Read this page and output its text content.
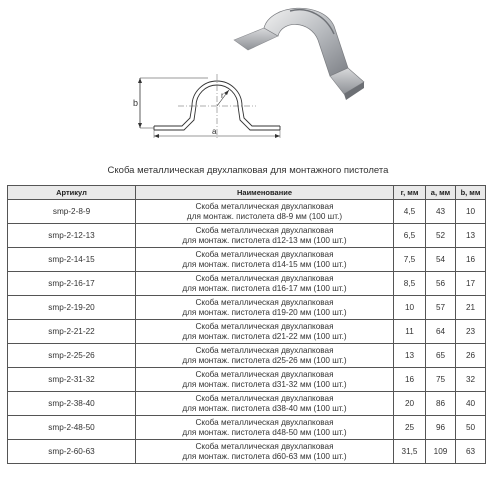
b
r
a
Скоба металлическая двухлапковая для монтажного пистолета
Артикул	Наименование	r, мм	a, мм	b, мм
smp-2-8-9	Скоба металлическая двухлапковая
для монтаж. пистолета d8-9 мм (100 шт.)	4,5	43	10
smp-2-12-13	Скоба металлическая двухлапковая
для монтаж. пистолета d12-13 мм (100 шт.)	6,5	52	13
smp-2-14-15	Скоба металлическая двухлапковая
для монтаж. пистолета d14-15 мм (100 шт.)	7,5	54	16
smp-2-16-17	Скоба металлическая двухлапковая
для монтаж. пистолета d16-17 мм (100 шт.)	8,5	56	17
smp-2-19-20	Скоба металлическая двухлапковая
для монтаж. пистолета d19-20 мм (100 шт.)	10	57	21
smp-2-21-22	Скоба металлическая двухлапковая
для монтаж. пистолета d21-22 мм (100 шт.)	11	64	23
smp-2-25-26	Скоба металлическая двухлапковая
для монтаж. пистолета d25-26 мм (100 шт.)	13	65	26
smp-2-31-32	Скоба металлическая двухлапковая
для монтаж. пистолета d31-32 мм (100 шт.)	16	75	32
smp-2-38-40	Скоба металлическая двухлапковая
для монтаж. пистолета d38-40 мм (100 шт.)	20	86	40
smp-2-48-50	Скоба металлическая двухлапковая
для монтаж. пистолета d48-50 мм (100 шт.)	25	96	50
smp-2-60-63	Скоба металлическая двухлапковая
для монтаж. пистолета d60-63 мм (100 шт.)	31,5	109	63
